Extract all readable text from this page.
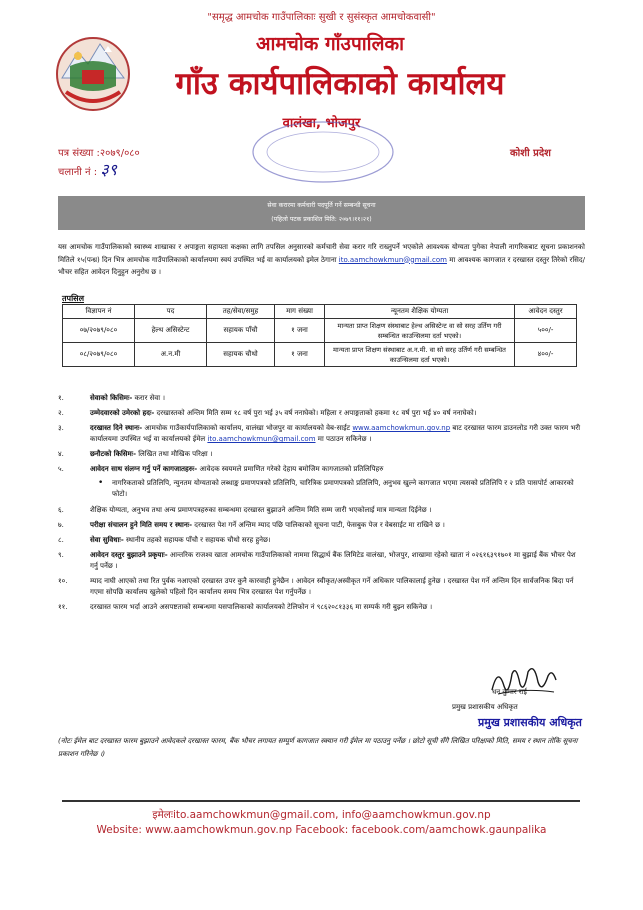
"समृद्ध आमचोक गाउँपालिकाः सुखी र सुसंस्कृत आमचोकवासी"
आमचोक गाँउपालिका
गाँउ कार्यपालिकाको कार्यालय
वालंखा, भोजपुर
पत्र संख्या :२०७९/०८०
चलानी नं : ३९
कोशी प्रदेश
सेवा करारमा कर्मचारी पदपूर्ति गर्ने सम्बन्धी सूचना
(पहिलो पटक प्रकाशित मिति: २०७९।११।२१)
यस आमचोक गाउँपालिकाको स्वास्थ्य शाखाका र अपाङ्गता सहायता कक्षका लागि तपसिल अनुसारको कर्मचारी सेवा करार गरि राख्नुपर्ने भएकोले आवश्यक योग्यता पुगेका नेपाली नागरिकबाट सूचना प्रकाशनको मितिले १५(पन्ध्र) दिन भित्र आमचोक गाउँपालिकाको कार्यालयमा स्वयं उपस्थित भई वा कार्यालयको इमेल ठेगाना ito.aamchowkmun@gmail.com मा आवश्यक कागजात र दरखास्त दस्तुर तिरेको रसिद/भौचर सहित आवेदन दिनुहुन अनुरोध छ ।
तपसिल
विज्ञापन नं	पद	तह/सेवा/समुह	माग संख्या	न्यूनतम शैक्षिक योग्यता	आवेदन दस्तुर
०७/२०७९/०८०	हेल्थ असिस्टेन्ट	सहायक पाँचौ	१ जना	मान्यता प्राप्त शिक्षण संस्थाबाट हेल्थ असिस्टेन्ट वा सो सरह उर्तिण गरी सम्बन्धित काउन्सिलमा दर्ता भएको।	५००/-
०८/२०७९/०८०	अ.न.मी	सहायक चौथो	१ जना	मान्यता प्राप्त शिक्षण संस्थाबाट अ.न.मी. वा सो सरह उर्तिर्ण गरी सम्बन्धित काउन्सिलमा दर्ता भएको।	४००/-
१.	सेवाको किसिमः- करार सेवा ।
२.	उम्मेदवारको उमेरको हदः- दरखास्तको अन्तिम मिति सम्म १८ वर्ष पुरा भई ३५ वर्ष ननाघेको। महिला र अपाङ्गताको हकमा १८ वर्ष पुरा भई ४० वर्ष ननाघेको।
३.	दरखास्त दिने स्थानः- आमचोक गाउँकार्यपालिकाको कार्यालय, वालंखा भोजपुर वा कार्यालयको वेब-साईट www.aamchowkmun.gov.np बाट दरखास्त फारम डाउनलोड गरी उक्त फारम भरी कार्यालयमा उपस्थित भई वा कार्यालयको ईमेल ito.aamchowkmun@gmail.com मा पठाउन सकिनेछ ।
४.	छनौटको किसिमः- लिखित तथा मौखिक परिक्षा ।
५.	आवेदन साथ संलग्न गर्नु पर्ने कागजातहरुः- आवेदक स्वयमले प्रमाणित गरेको देहाय बमोजिम कागजातको प्रतिलिपिहरु
•	नागरिकताको प्रतिलिपि, न्युनतम योग्यताको लब्धाङ्क प्रमाणपत्रको प्रतिलिपि, चारित्रिक प्रमाणपत्रको प्रतिलिपि, अनुभव खुल्ने कागजात भएमा त्यसको प्रतिलिपि र २ प्रति पासपोर्ट आकारको फोटो।
६.	शैक्षिक योग्यता, अनुभव तथा अन्य प्रमाणपत्रहरुका सम्बन्धमा दरखास्त बुझाउने अन्तिम मिति सम्म जारी भएकोलाई मात्र मान्यता दिईनेछ ।
७.	परीक्षा संचालन हुने मिति समय र स्थानः- दरखास्त पेश गर्ने अन्तिम म्याद पछि पालिकाको सूचना पाटी, फेसबुक पेज र वेबसाईट मा राखिने छ ।
८.	सेवा सुविधाः- स्थानीय तहको सहायक पाँचौ र सहायक चौथो सरह हुनेछ।
९.	आवेदन दस्तुर बुझाउने प्रकृयाः- आन्तरिक राजश्व खाता आमचोक गाउँपालिकाको नाममा सिद्धार्थ बैंक लिमिटेड वालंखा, भोजपुर, शाखामा रहेको खाता नं ०२६१६३९१७०१ मा बुझाई बैंक भौचर पेश गर्नु पर्नेछ ।
१०.	म्याद नाघी आएको तथा रित पुर्वक नआएको दरखास्त उपर कुनै कारवाही हुनेछैन । आवेदन स्वीकृत/अस्वीकृत गर्ने अधिकार पालिकालाई हुनेछ । दरखास्त पेश गर्ने अन्तिम दिन सार्वजनिक बिदा पर्न गएमा सोपछि कार्यालय खुलेको पहिलो दिन कार्यालय समय भित्र दरखास्त पेश गर्नुपर्नेछ ।
११.	दरखास्त फारम भर्दा आउने असपष्टताको सम्बन्धमा यसपालिकाको कार्यालयको टेलिफोन नं ९८६२०८१३३६ मा सम्पर्क गरी बुझ्न सकिनेछ ।
धन कुमार राई
प्रमुख प्रशासकीय अधिकृत
प्रमुख प्रशासकीय अधिकृत
(नोटः ईमेल बाट दरखास्त फारम बुझाउने आवेदकले दरखास्त फारम, बैंक भौचर लगायत सम्पूर्ण कागजात स्क्यान गरी ईमेल मा पठाउनु पर्नेछ । छोटो सूची सँगै लिखित परिक्षाको मिति, समय र स्थान तोकि सूचना प्रकाशन गरिनेछ ।)
इमेलःito.aamchowkmun@gmail.com, info@aamchowkmun.gov.np
Website: www.aamchowkmun.gov.np Facebook: facebook.com/aamchowk.gaunpalika
